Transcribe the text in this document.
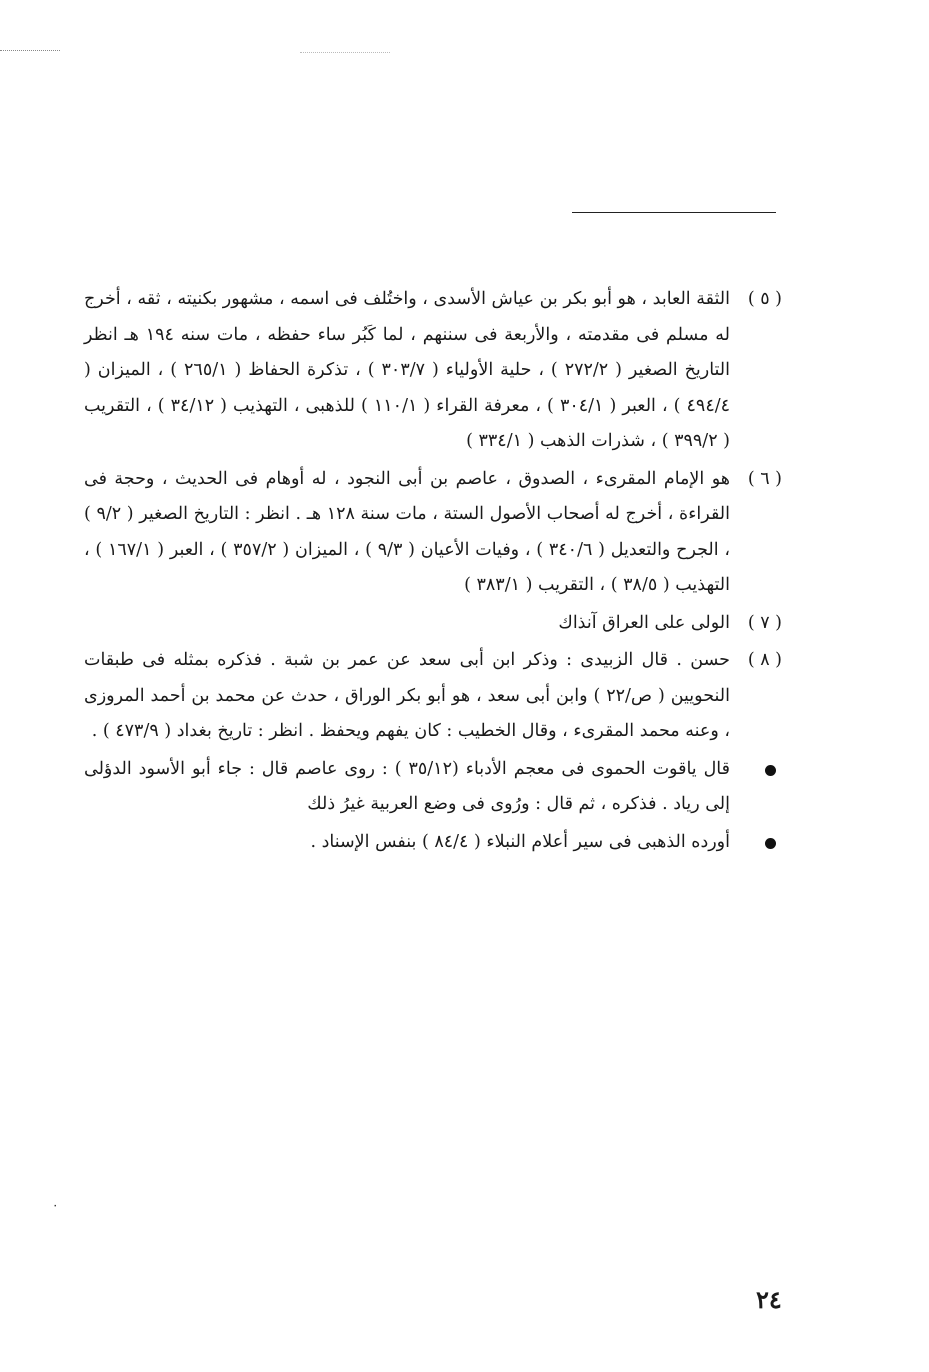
( ٥ )
الثقة العابد ، هو أبو بكر بن عياش الأسدى ، واختُلف فى اسمه ، مشهور بكنيته ، ثقه ، أخرج له مسلم فى مقدمته ، والأربعة فى سننهم ، لما كَبُر ساء حفظه ، مات سنه ١٩٤ هـ انظر التاريخ الصغير ( ٢٧٢/٢ ) ، حلية الأولياء ( ٣٠٣/٧ ) ، تذكرة الحفاظ ( ٢٦٥/١ ) ، الميزان ( ٤٩٤/٤ ) ، العبر ( ٣٠٤/١ ) ، معرفة القراء ( ١١٠/١ ) للذهبى ، التهذيب ( ٣٤/١٢ ) ، التقريب ( ٣٩٩/٢ ) ، شذرات الذهب ( ٣٣٤/١ )
( ٦ )
هو الإمام المقرىء ، الصدوق ، عاصم بن أبى النجود ، له أوهام فى الحديث ، وحجة فى القراءة ، أخرج له أصحاب الأصول الستة ، مات سنة ١٢٨ هـ . انظر : التاريخ الصغير ( ٩/٢ ) ، الجرح والتعديل ( ٣٤٠/٦ ) ، وفيات الأعيان ( ٩/٣ ) ، الميزان ( ٣٥٧/٢ ) ، العبر ( ١٦٧/١ ) ، التهذيب ( ٣٨/٥ ) ، التقريب ( ٣٨٣/١ )
( ٧ )
الولى على العراق آنذاك
( ٨ )
حسن . قال الزبيدى : وذكر ابن أبى سعد عن عمر بن شبة . فذكره بمثله فى طبقات النحويين ( ص/٢٢ ) وابن أبى سعد ، هو أبو بكر الوراق ، حدث عن محمد بن أحمد المروزى ، وعنه محمد المقرىء ، وقال الخطيب : كان يفهم ويحفظ . انظر : تاريخ بغداد ( ٤٧٣/٩ ) .
قال ياقوت الحموى فى معجم الأدباء (٣٥/١٢ ) : روى عاصم قال : جاء أبو الأسود الدؤلى إلى رياد . فذكره ، ثم قال : ورُوى فى وضع العربية غيرُ ذلك
أورده الذهبى فى سير أعلام النبلاء ( ٨٤/٤ ) بنفس الإسناد .
٠
٢٤
